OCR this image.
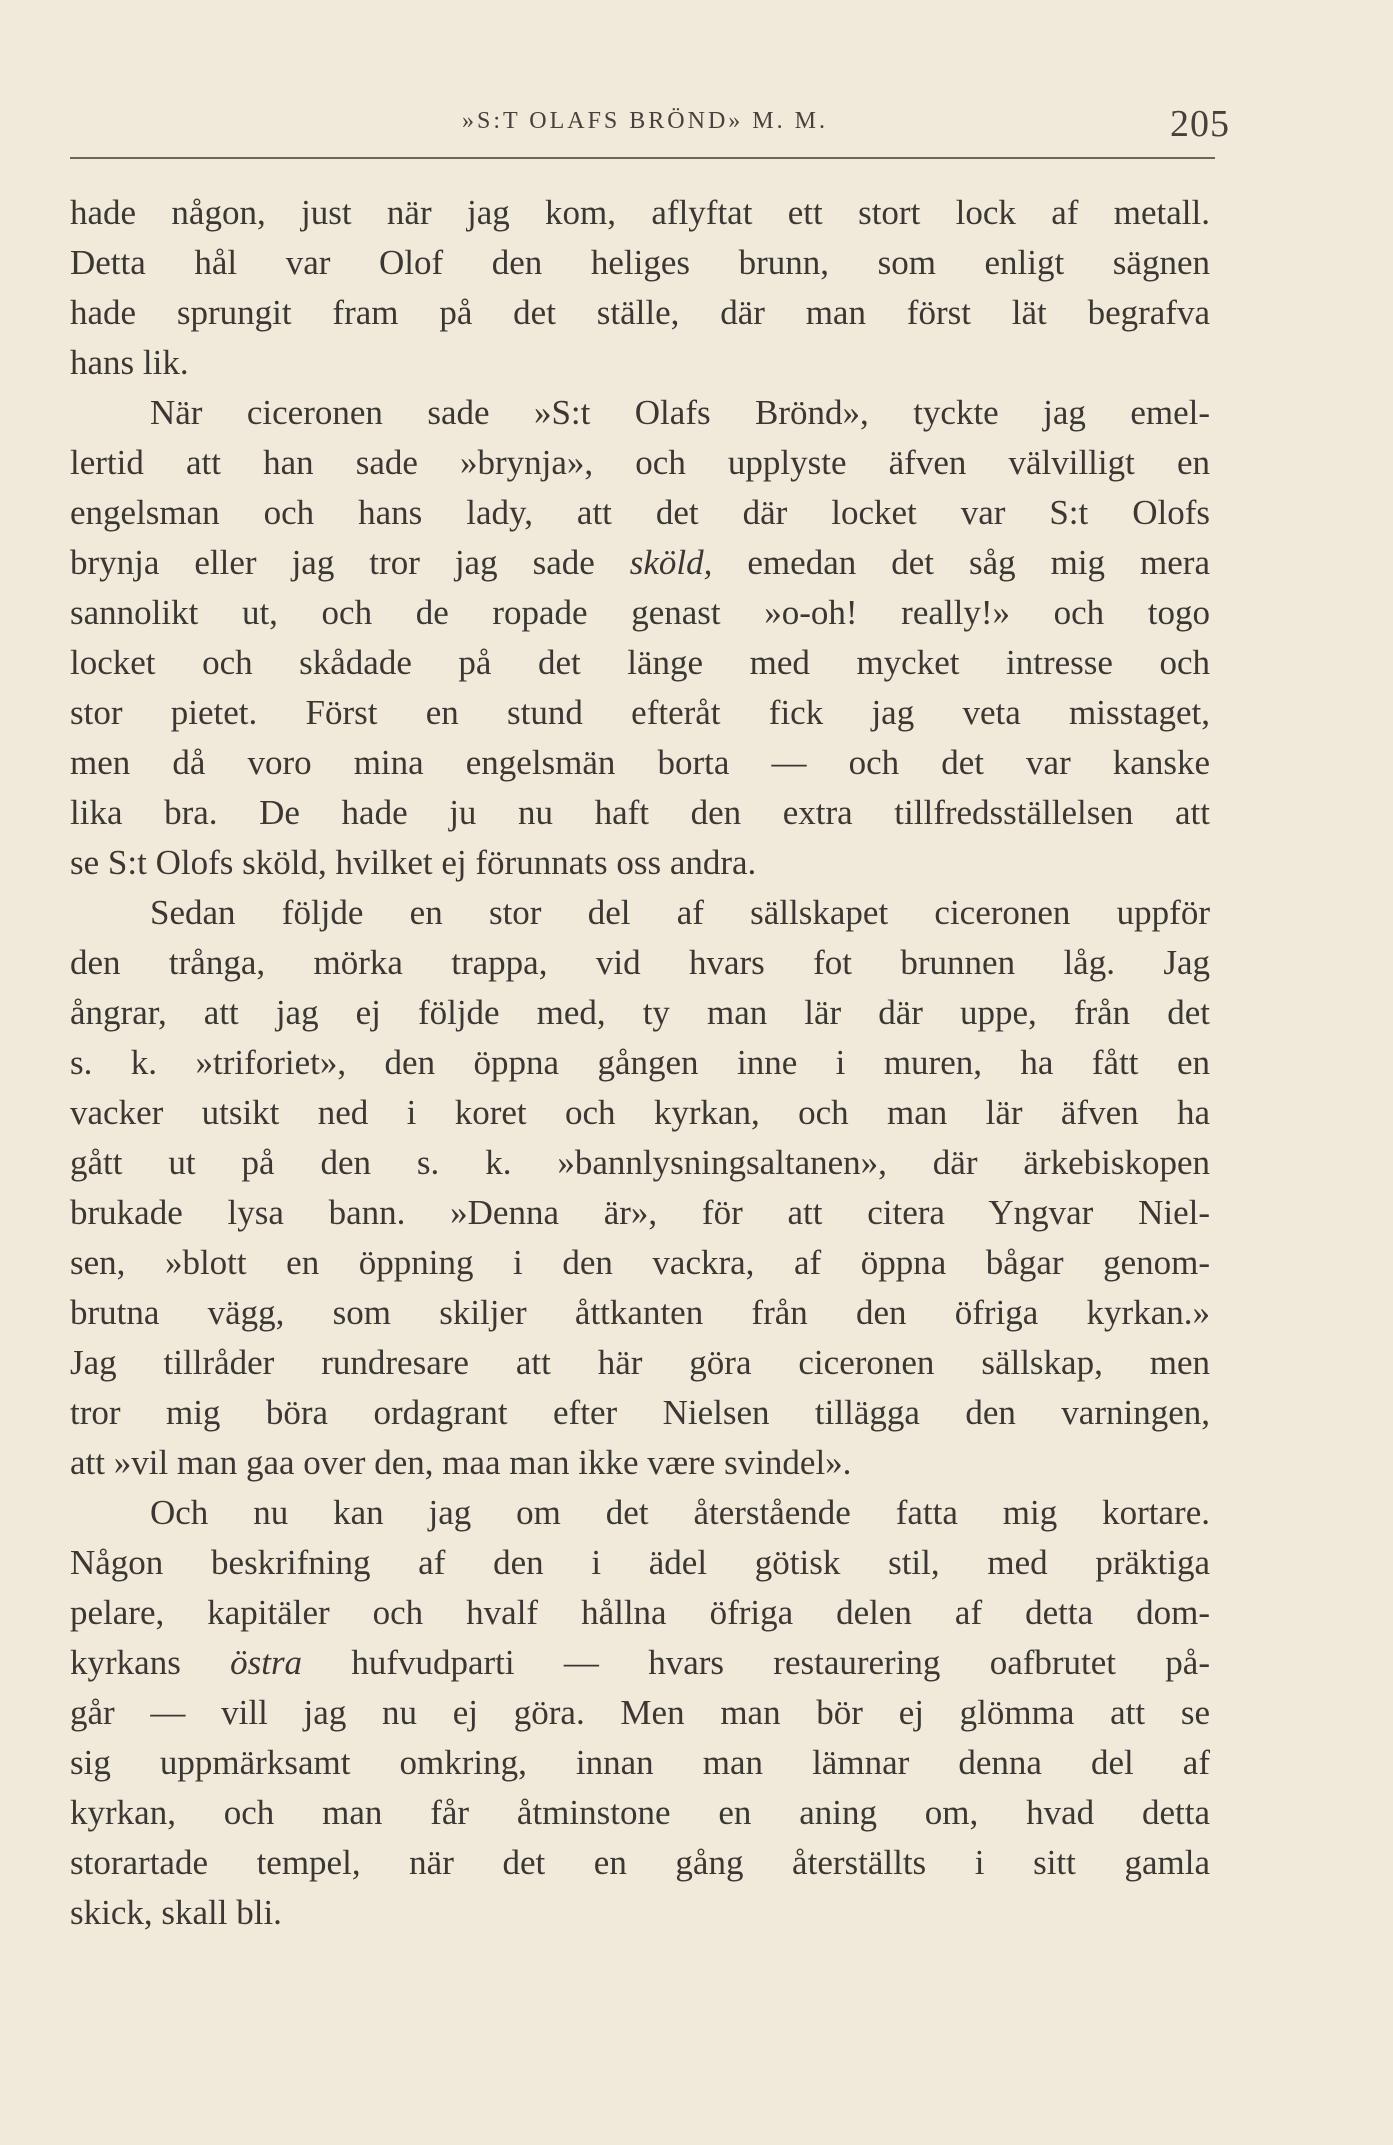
»S:T OLAFS BRÖND» M. M.	205
hade någon, just när jag kom, aflyftat ett stort lock af metall.
Detta hål var Olof den heliges brunn, som enligt sägnen
hade sprungit fram på det ställe, där man först lät begrafva
hans lik.
När ciceronen sade »S:t Olafs Brönd», tyckte jag emel-
lertid att han sade »brynja», och upplyste äfven välvilligt en
engelsman och hans lady, att det där locket var S:t Olofs
brynja eller jag tror jag sade sköld, emedan det såg mig mera
sannolikt ut, och de ropade genast »o-oh! really!» och togo
locket och skådade på det länge med mycket intresse och
stor pietet. Först en stund efteråt fick jag veta misstaget,
men då voro mina engelsmän borta — och det var kanske
lika bra. De hade ju nu haft den extra tillfredsställelsen att
se S:t Olofs sköld, hvilket ej förunnats oss andra.
Sedan följde en stor del af sällskapet ciceronen uppför
den trånga, mörka trappa, vid hvars fot brunnen låg. Jag
ångrar, att jag ej följde med, ty man lär där uppe, från det
s. k. »triforiet», den öppna gången inne i muren, ha fått en
vacker utsikt ned i koret och kyrkan, och man lär äfven ha
gått ut på den s. k. »bannlysningsaltanen», där ärkebiskopen
brukade lysa bann. »Denna är», för att citera Yngvar Niel-
sen, »blott en öppning i den vackra, af öppna bågar genom-
brutna vägg, som skiljer åttkanten från den öfriga kyrkan.»
Jag tillråder rundresare att här göra ciceronen sällskap, men
tror mig böra ordagrant efter Nielsen tillägga den varningen,
att »vil man gaa over den, maa man ikke være svindel».
Och nu kan jag om det återstående fatta mig kortare.
Någon beskrifning af den i ädel götisk stil, med präktiga
pelare, kapitäler och hvalf hållna öfriga delen af detta dom-
kyrkans östra hufvudparti — hvars restaurering oafbrutet på-
går — vill jag nu ej göra. Men man bör ej glömma att se
sig uppmärksamt omkring, innan man lämnar denna del af
kyrkan, och man får åtminstone en aning om, hvad detta
storartade tempel, när det en gång återställts i sitt gamla
skick, skall bli.
